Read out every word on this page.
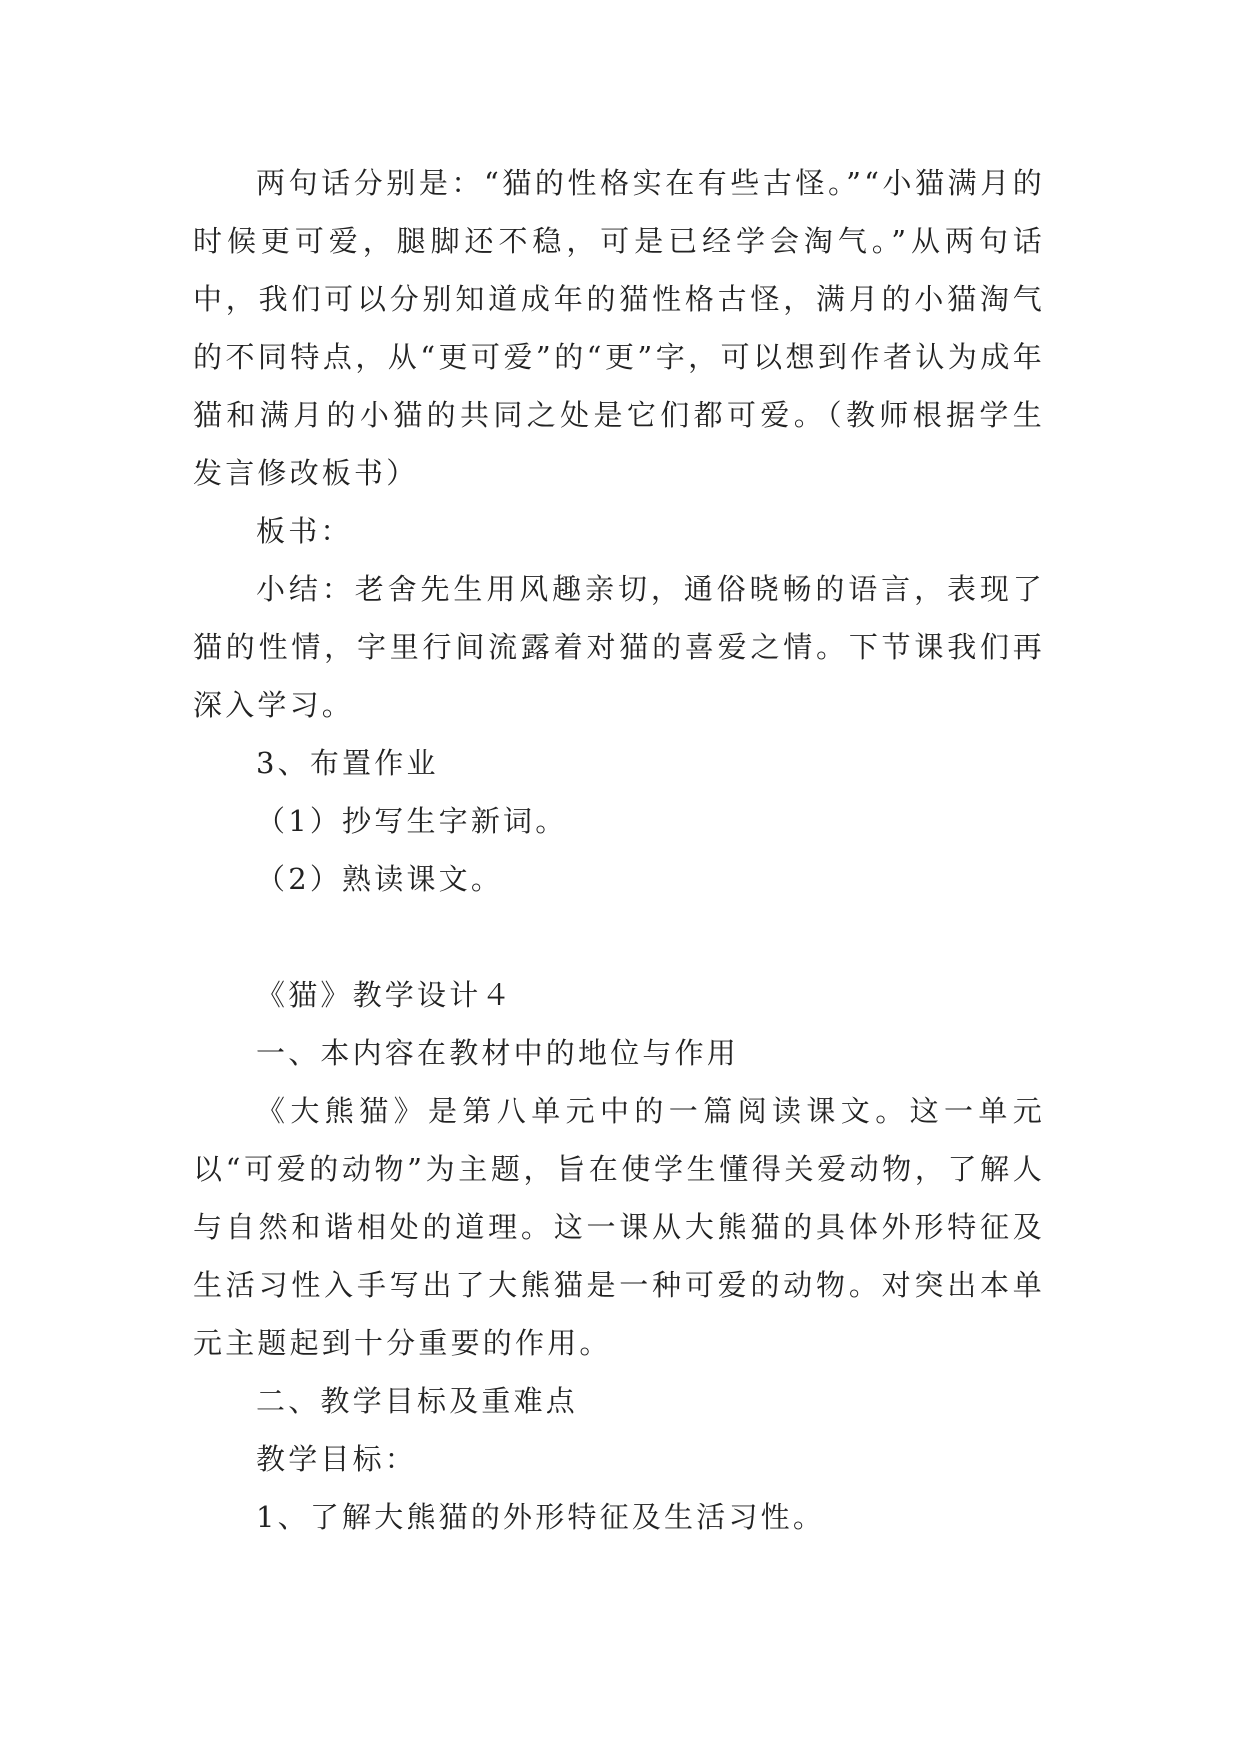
两句话分别是：“猫的性格实在有些古怪。”“小猫满月的时候更可爱，腿脚还不稳，可是已经学会淘气。”从两句话中，我们可以分别知道成年的猫性格古怪，满月的小猫淘气的不同特点，从“更可爱”的“更”字，可以想到作者认为成年猫和满月的小猫的共同之处是它们都可爱。（教师根据学生发言修改板书）

板书：

小结：老舍先生用风趣亲切，通俗晓畅的语言，表现了猫的性情，字里行间流露着对猫的喜爱之情。下节课我们再深入学习。

3、布置作业

（1）抄写生字新词。

（2）熟读课文。

《猫》教学设计４

一、本内容在教材中的地位与作用

《大熊猫》是第八单元中的一篇阅读课文。这一单元以“可爱的动物”为主题，旨在使学生懂得关爱动物，了解人与自然和谐相处的道理。这一课从大熊猫的具体外形特征及生活习性入手写出了大熊猫是一种可爱的动物。对突出本单元主题起到十分重要的作用。

二、教学目标及重难点

教学目标：

1、了解大熊猫的外形特征及生活习性。
